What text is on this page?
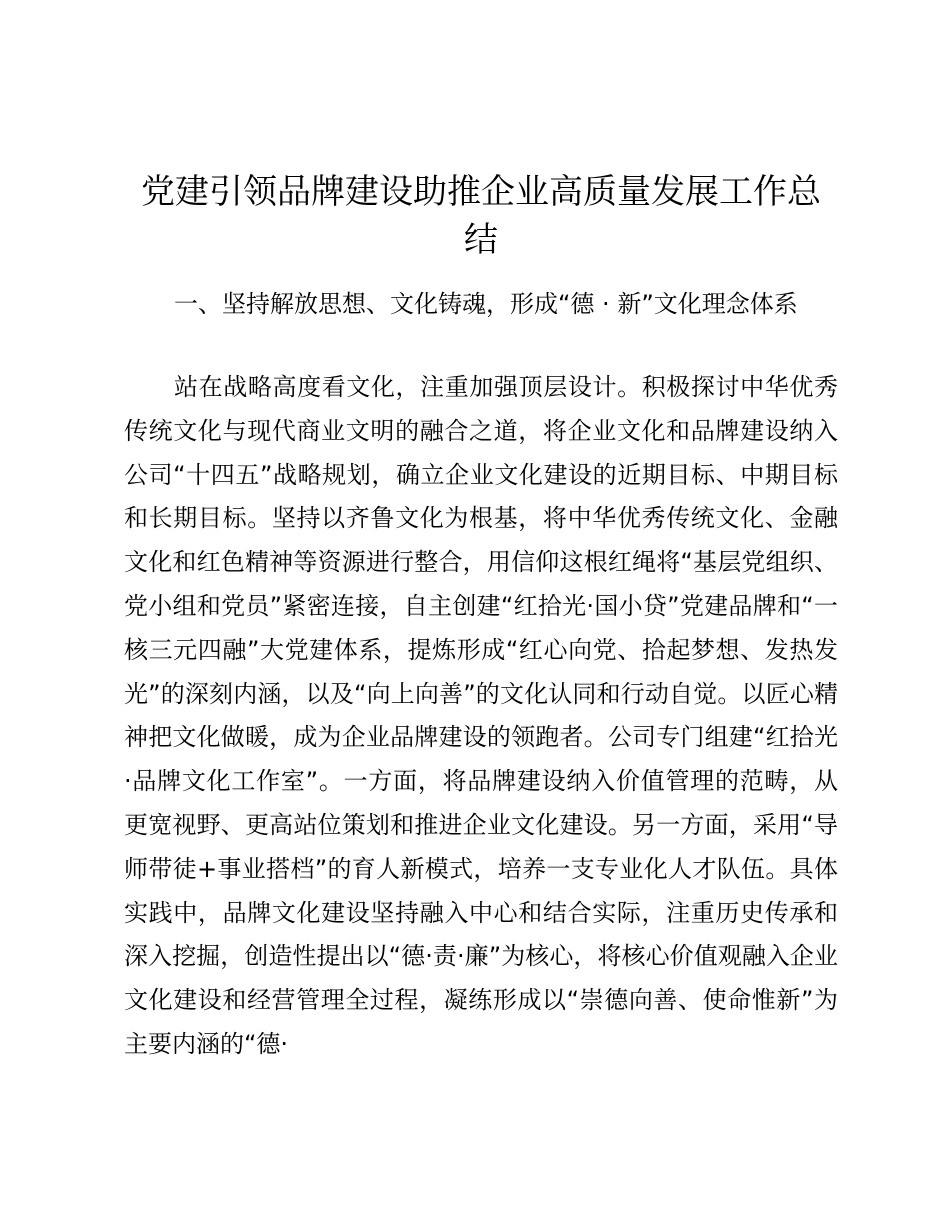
党建引领品牌建设助推企业高质量发展工作总结

一、坚持解放思想、文化铸魂，形成“德 · 新”文化理念体系

站在战略高度看文化，注重加强顶层设计。积极探讨中华优秀传统文化与现代商业文明的融合之道，将企业文化和品牌建设纳入公司“十四五”战略规划，确立企业文化建设的近期目标、中期目标和长期目标。坚持以齐鲁文化为根基，将中华优秀传统文化、金融文化和红色精神等资源进行整合，用信仰这根红绳将“基层党组织、党小组和党员”紧密连接，自主创建“红拾光·国小贷”党建品牌和“一核三元四融”大党建体系，提炼形成“红心向党、拾起梦想、发热发光”的深刻内涵，以及“向上向善”的文化认同和行动自觉。以匠心精神把文化做暖，成为企业品牌建设的领跑者。公司专门组建“红拾光·品牌文化工作室”。一方面，将品牌建设纳入价值管理的范畴，从更宽视野、更高站位策划和推进企业文化建设。另一方面，采用“导师带徒+事业搭档”的育人新模式，培养一支专业化人才队伍。具体实践中，品牌文化建设坚持融入中心和结合实际，注重历史传承和深入挖掘，创造性提出以“德·责·廉”为核心，将核心价值观融入企业文化建设和经营管理全过程，凝练形成以“崇德向善、使命惟新”为主要内涵的“德·
